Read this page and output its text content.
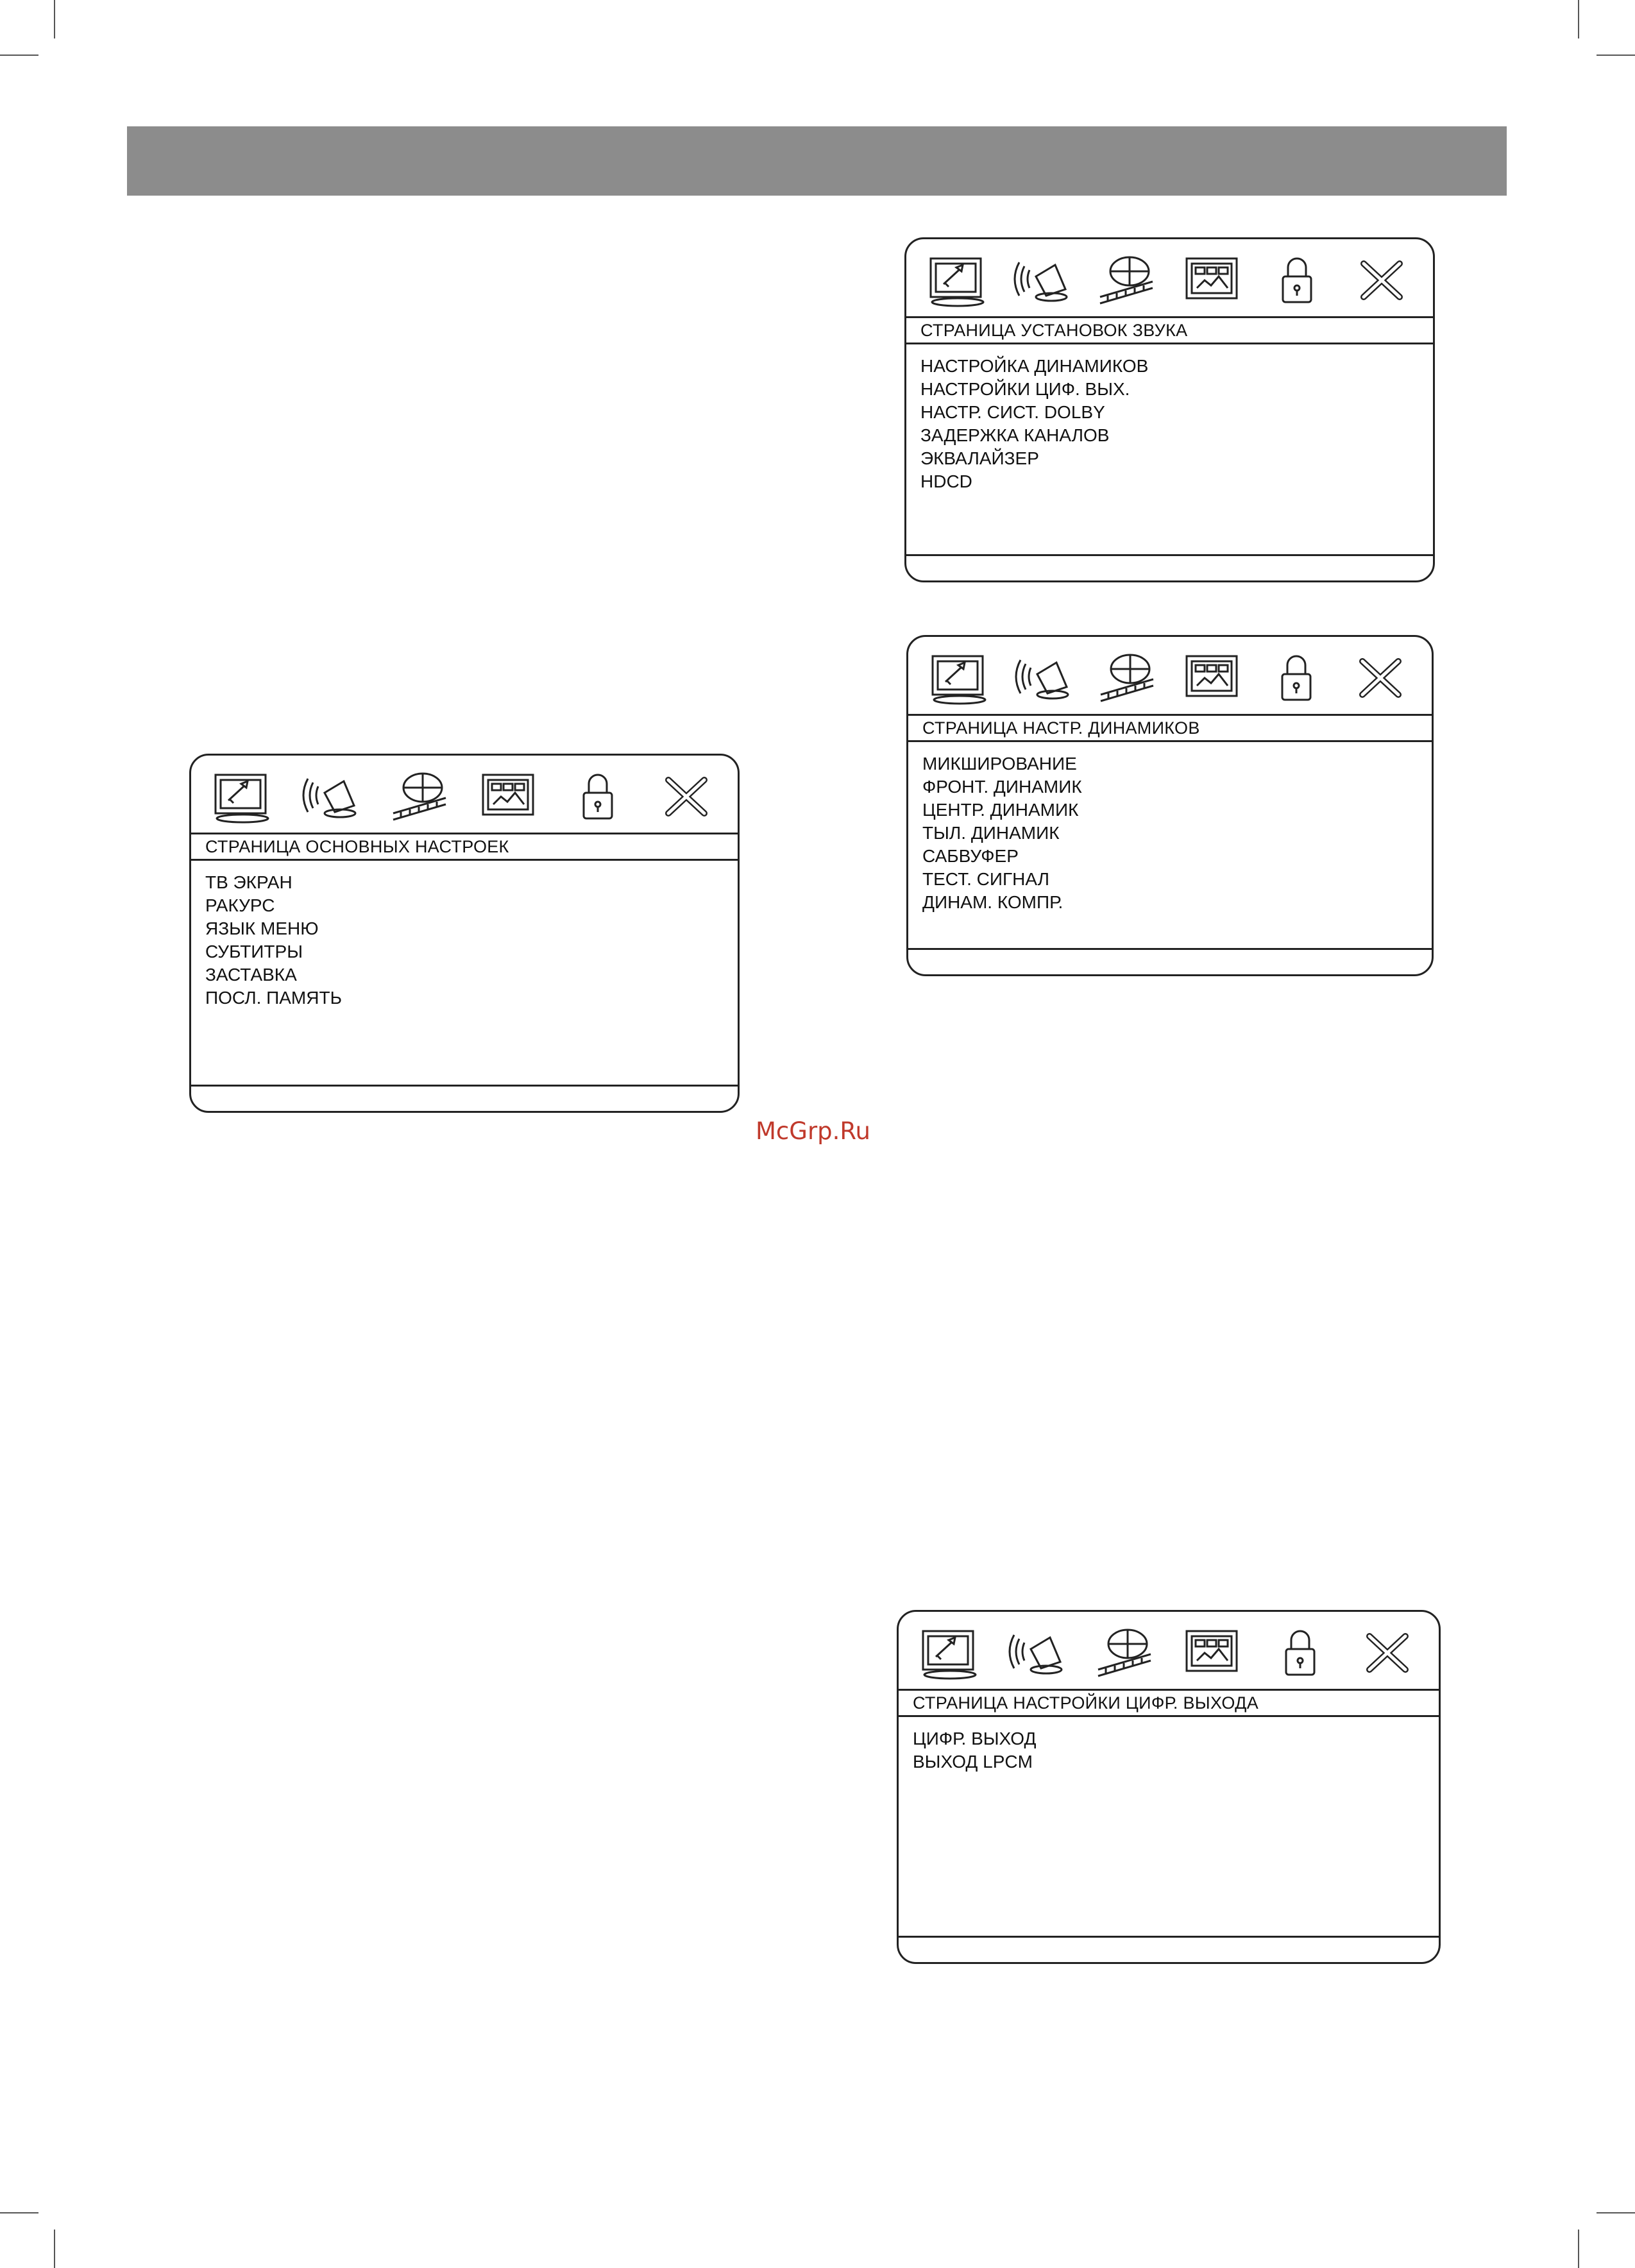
СТРАНИЦА УСТАНОВОК ЗВУКА
НАСТРОЙКА ДИНАМИКОВ
НАСТРОЙКИ ЦИФ. ВЫХ.
НАСТР. СИСТ. DOLBY
ЗАДЕРЖКА КАНАЛОВ
ЭКВАЛАЙЗЕР
HDCD
СТРАНИЦА НАСТР. ДИНАМИКОВ
МИКШИРОВАНИЕ
ФРОНТ. ДИНАМИК
ЦЕНТР. ДИНАМИК
ТЫЛ. ДИНАМИК
САБВУФЕР
ТЕСТ. СИГНАЛ
ДИНАМ. КОМПР.
СТРАНИЦА ОСНОВНЫХ НАСТРОЕК
ТВ ЭКРАН
РАКУРС
ЯЗЫК МЕНЮ
СУБТИТРЫ
ЗАСТАВКА
ПОСЛ. ПАМЯТЬ
СТРАНИЦА НАСТРОЙКИ ЦИФР. ВЫХОДА
ЦИФР. ВЫХОД
ВЫХОД LPCM
McGrp.Ru
